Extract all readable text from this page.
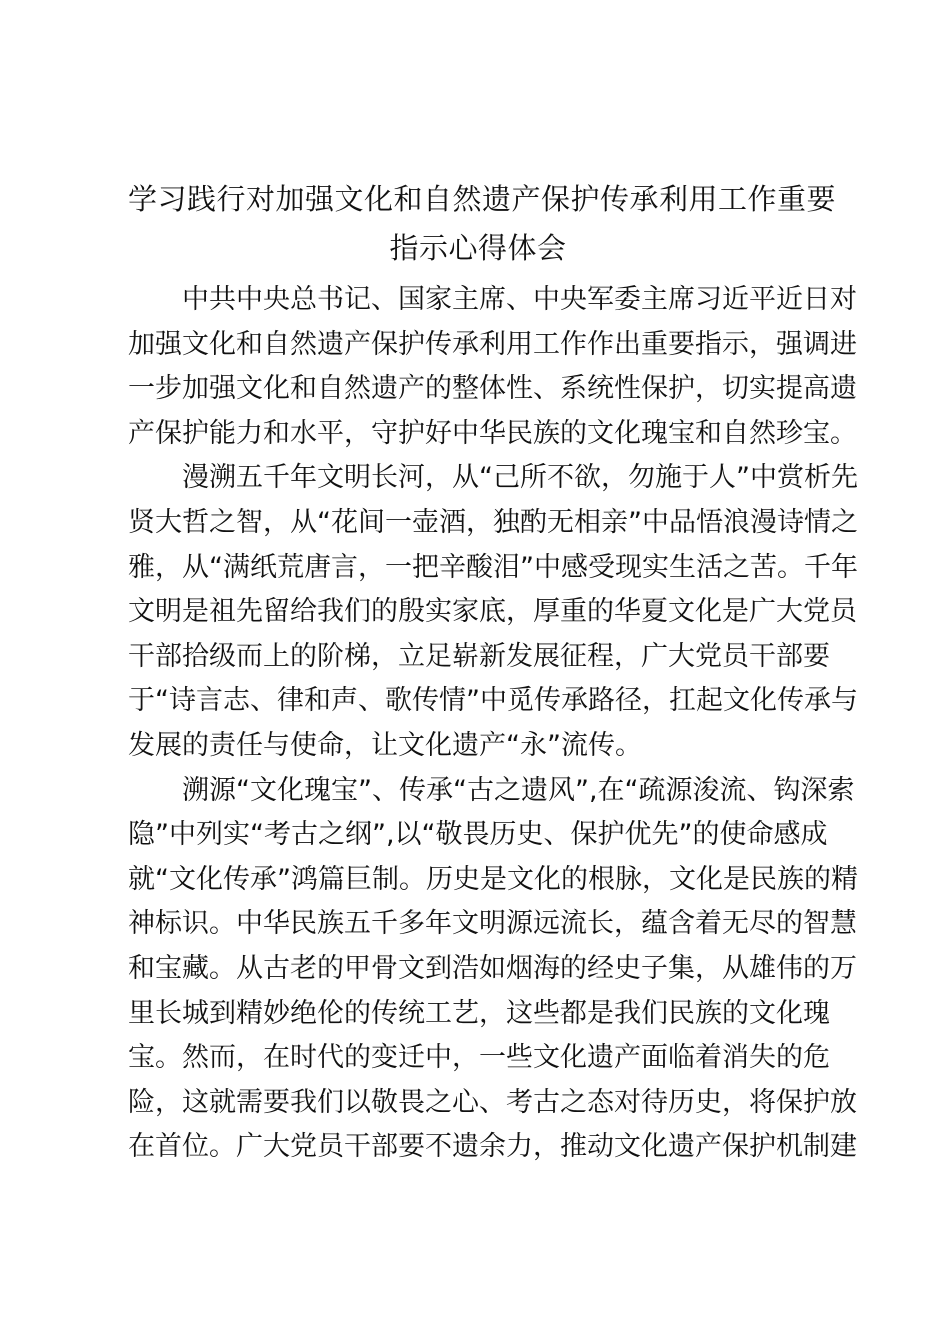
学习践行对加强文化和自然遗产保护传承利用工作重要
指示心得体会

中共中央总书记、国家主席、中央军委主席习近平近日对
加强文化和自然遗产保护传承利用工作作出重要指示，强调进
一步加强文化和自然遗产的整体性、系统性保护，切实提高遗
产保护能力和水平，守护好中华民族的文化瑰宝和自然珍宝。

漫溯五千年文明长河，从“己所不欲，勿施于人”中赏析先
贤大哲之智，从“花间一壶酒，独酌无相亲”中品悟浪漫诗情之
雅，从“满纸荒唐言，一把辛酸泪”中感受现实生活之苦。千年
文明是祖先留给我们的殷实家底，厚重的华夏文化是广大党员
干部拾级而上的阶梯，立足崭新发展征程，广大党员干部要
于“诗言志、律和声、歌传情”中觅传承路径，扛起文化传承与
发展的责任与使命，让文化遗产“永”流传。

溯源“文化瑰宝”、传承“古之遗风”,在“疏源浚流、钩深索
隐”中列实“考古之纲”,以“敬畏历史、保护优先”的使命感成
就“文化传承”鸿篇巨制。历史是文化的根脉，文化是民族的精
神标识。中华民族五千多年文明源远流长，蕴含着无尽的智慧
和宝藏。从古老的甲骨文到浩如烟海的经史子集，从雄伟的万
里长城到精妙绝伦的传统工艺，这些都是我们民族的文化瑰
宝。然而，在时代的变迁中，一些文化遗产面临着消失的危
险，这就需要我们以敬畏之心、考古之态对待历史，将保护放
在首位。广大党员干部要不遗余力，推动文化遗产保护机制建
